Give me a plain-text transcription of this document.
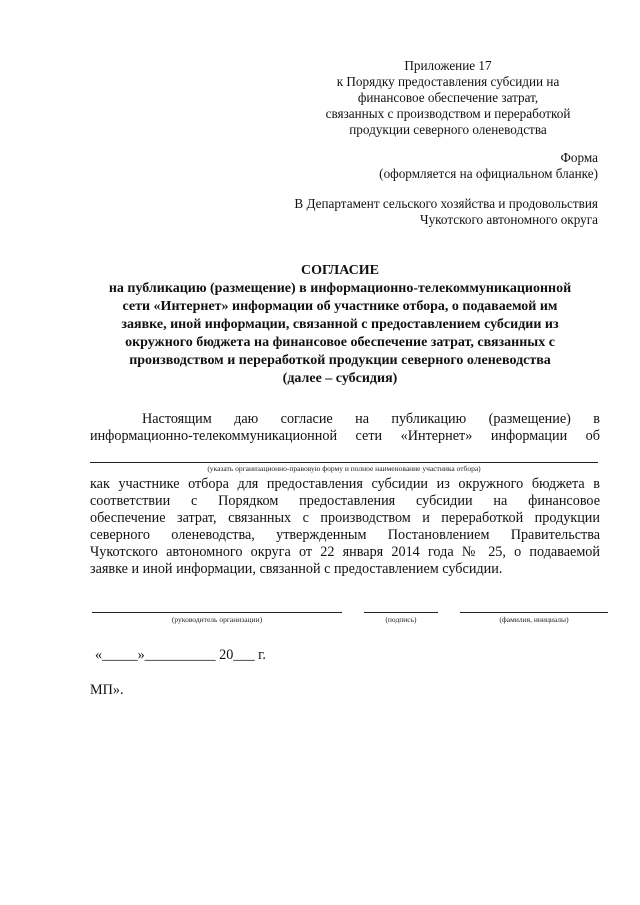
Приложение 17
к Порядку предоставления субсидии на
финансовое обеспечение затрат,
связанных с производством и переработкой
продукции северного оленеводства
Форма
(оформляется на официальном бланке)
В Департамент сельского хозяйства и продовольствия
Чукотского автономного округа
СОГЛАСИЕ
на публикацию (размещение) в информационно-телекоммуникационной
сети «Интернет» информации об участнике отбора, о подаваемой им
заявке, иной информации, связанной с предоставлением субсидии из
окружного бюджета на финансовое обеспечение затрат, связанных с
производством и переработкой продукции северного оленеводства
(далее – субсидия)
Настоящим даю согласие на публикацию (размещение) в
информационно-телекоммуникационной сети «Интернет» информации об
(указать организационно-правовую форму и полное наименование участника отбора)
как участнике отбора для предоставления субсидии из окружного бюджета в
соответствии с Порядком предоставления субсидии на финансовое
обеспечение затрат, связанных с производством и переработкой продукции
северного оленеводства, утвержденным Постановлением Правительства
Чукотского автономного округа от 22 января 2014 года № 25, о подаваемой
заявке и иной информации, связанной с предоставлением субсидии.
(руководитель организации)	(подпись)	(фамилия, инициалы)
«_____»__________ 20___ г.
МП».
